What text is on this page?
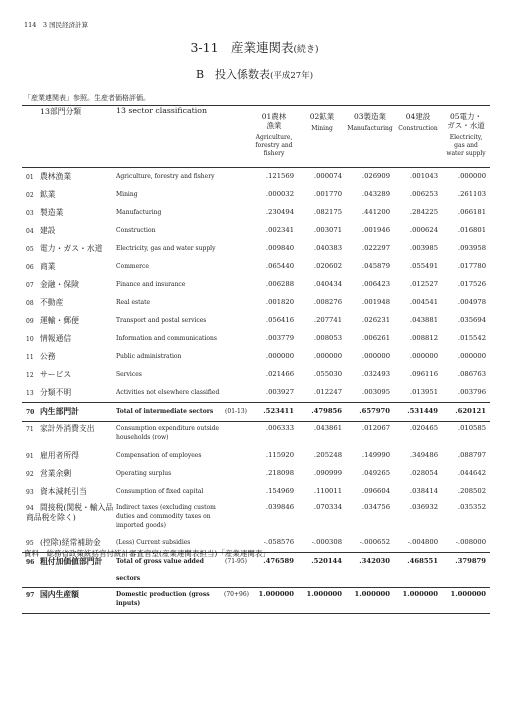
114　3 国民経済計算
3-11　産業連関表(続き)
B　投入係数表(平成27年)
「産業連関表」参照。生産者価格評価。
13部門分類	13 sector classification		01農林
漁業
Agriculture,
forestry and
fishery	02鉱業
Mining	03製造業
Manufacturing	04建設
Construction	05電力・
ガス・水道
Electricity,
gas and
water supply

01 農林漁業	Agriculture, forestry and fishery		.121569	.000074	.026909	.001043	.000000
02 鉱業	Mining		.000032	.001770	.043289	.006253	.261103
03 製造業	Manufacturing		.230494	.082175	.441200	.284225	.066181
04 建設	Construction		.002341	.003071	.001946	.000624	.016801
05 電力・ガス・水道	Electricity, gas and water supply		.009840	.040383	.022297	.003985	.093958
06 商業	Commerce		.065440	.020602	.045879	.055491	.017780
07 金融・保険	Finance and insurance		.006288	.040434	.006423	.012527	.017526
08 不動産	Real estate		.001820	.008276	.001948	.004541	.004978
09 運輸・郵便	Transport and postal services		.056416	.207741	.026231	.043881	.035694
10 情報通信	Information and communications		.003779	.008053	.006261	.008812	.015542
11 公務	Public administration		.000000	.000000	.000000	.000000	.000000
12 サービス	Services		.021466	.055030	.032493	.096116	.086763
13 分類不明	Activities not elsewhere classified		.003927	.012247	.003095	.013951	.003796
70 内生部門計	Total of intermediate sectors	(01-13)	.523411	.479856	.657970	.531449	.620121
71 家計外消費支出	Consumption expenditure outside households (row)		.006333	.043861	.012067	.020465	.010585
91 雇用者所得	Compensation of employees		.115920	.205248	.149990	.349486	.088797
92 営業余剰	Operating surplus		.218098	.090999	.049265	.028054	.044642
93 資本減耗引当	Consumption of fixed capital		.154969	.110011	.096604	.038414	.208502
94 間接税(関税・輸入品商品税を除く)	Indirect taxes (excluding custom duties and commodity taxes on imported goods)		.039846	.070334	.034756	.036932	.035352
95 (控除)経常補助金	(Less) Current subsidies		-.058576	-.000308	-.000652	-.004800	-.008000
96 粗付加価値部門計	Total of gross value added sectors	(71-95)	.476589	.520144	.342030	.468551	.379879
97 国内生産額	Domestic production (gross inputs)	(70+96)	1.000000	1.000000	1.000000	1.000000	1.000000
資料　総務省政策統括官付統計審査官室(産業連関表担当)「産業連関表」
